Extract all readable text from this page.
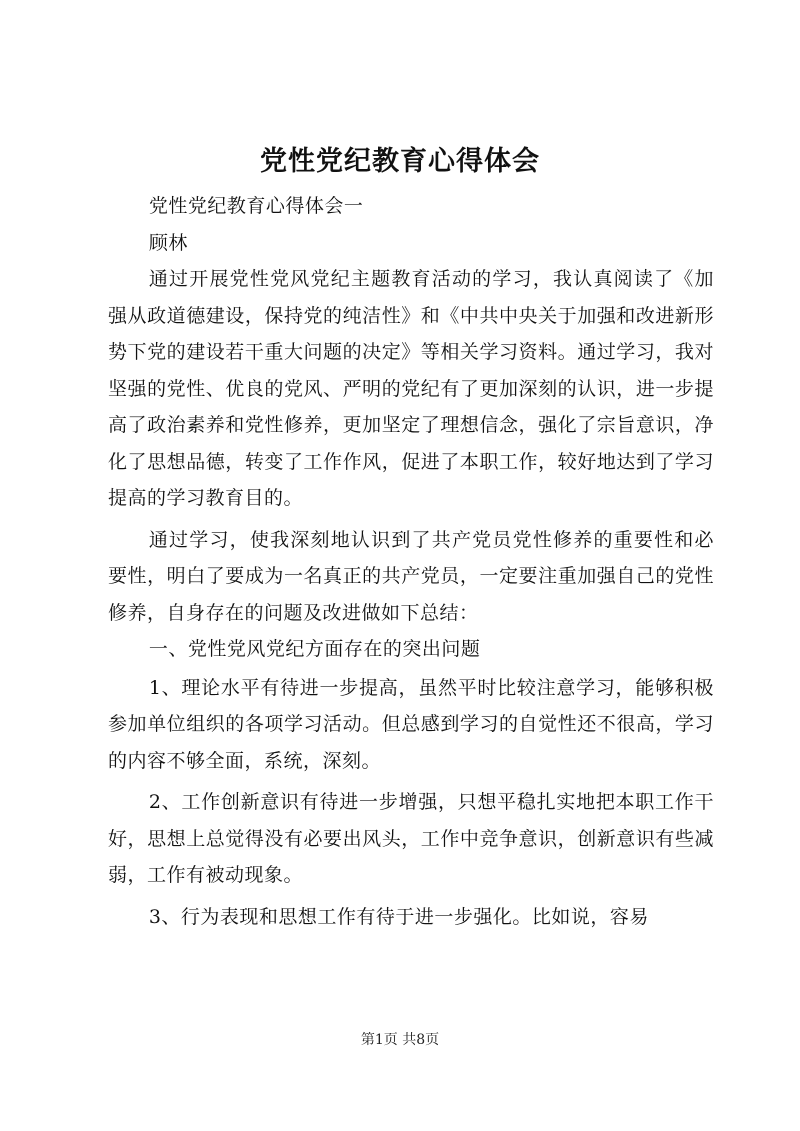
党性党纪教育心得体会

党性党纪教育心得体会一

顾林

通过开展党性党风党纪主题教育活动的学习，我认真阅读了《加强从政道德建设，保持党的纯洁性》和《中共中央关于加强和改进新形势下党的建设若干重大问题的决定》等相关学习资料。通过学习，我对坚强的党性、优良的党风、严明的党纪有了更加深刻的认识，进一步提高了政治素养和党性修养，更加坚定了理想信念，强化了宗旨意识，净化了思想品德，转变了工作作风，促进了本职工作，较好地达到了学习提高的学习教育目的。

通过学习，使我深刻地认识到了共产党员党性修养的重要性和必要性，明白了要成为一名真正的共产党员，一定要注重加强自己的党性修养，自身存在的问题及改进做如下总结：

一、党性党风党纪方面存在的突出问题

1、理论水平有待进一步提高，虽然平时比较注意学习，能够积极参加单位组织的各项学习活动。但总感到学习的自觉性还不很高，学习的内容不够全面，系统，深刻。

2、工作创新意识有待进一步增强，只想平稳扎实地把本职工作干好，思想上总觉得没有必要出风头，工作中竞争意识，创新意识有些减弱，工作有被动现象。

3、行为表现和思想工作有待于进一步强化。比如说，容易

第1页 共8页
